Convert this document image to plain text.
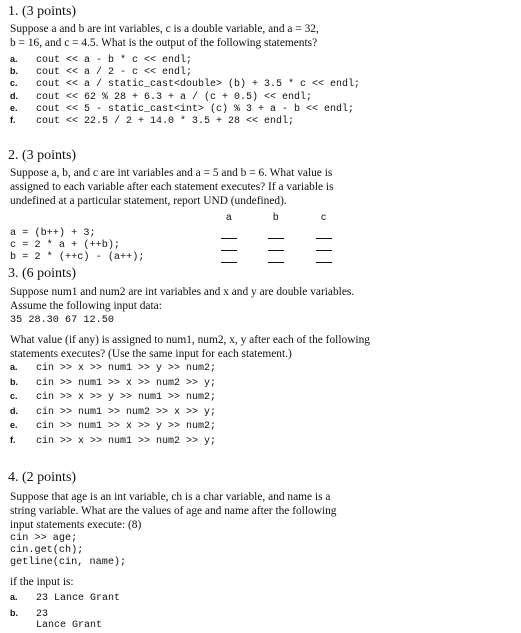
1. (3 points)
Suppose a and b are int variables, c is a double variable, and a = 32,
b = 16, and c = 4.5. What is the output of the following statements?
a.	cout << a - b * c << endl;
b.	cout << a / 2 - c << endl;
c.	cout << a / static_cast<double> (b) + 3.5 * c << endl;
d.	cout << 62 % 28 + 6.3 + a / (c + 0.5) << endl;
e.	cout << 5 - static_cast<int> (c) % 3 + a - b << endl;
f.	cout << 22.5 / 2 + 14.0 * 3.5 + 28 << endl;
2. (3 points)
Suppose a, b, and c are int variables and a = 5 and b = 6. What value is
assigned to each variable after each statement executes? If a variable is
undefined at a particular statement, report UND (undefined).
a	b	c
a = (b++) + 3;
c = 2 * a + (++b);
b = 2 * (++c) - (a++);
3. (6 points)
Suppose num1 and num2 are int variables and x and y are double variables.
Assume the following input data:
35 28.30 67 12.50
What value (if any) is assigned to num1, num2, x, y after each of the following
statements executes? (Use the same input for each statement.)
a.	cin >> x >> num1 >> y >> num2;
b.	cin >> num1 >> x >> num2 >> y;
c.	cin >> x >> y >> num1 >> num2;
d.	cin >> num1 >> num2 >> x >> y;
e.	cin >> num1 >> x >> y >> num2;
f.	cin >> x >> num1 >> num2 >> y;
4. (2 points)
Suppose that age is an int variable, ch is a char variable, and name is a
string variable. What are the values of age and name after the following
input statements execute: (8)
cin >> age;
cin.get(ch);
getline(cin, name);
if the input is:
a.	23 Lance Grant
b.	23
Lance Grant
